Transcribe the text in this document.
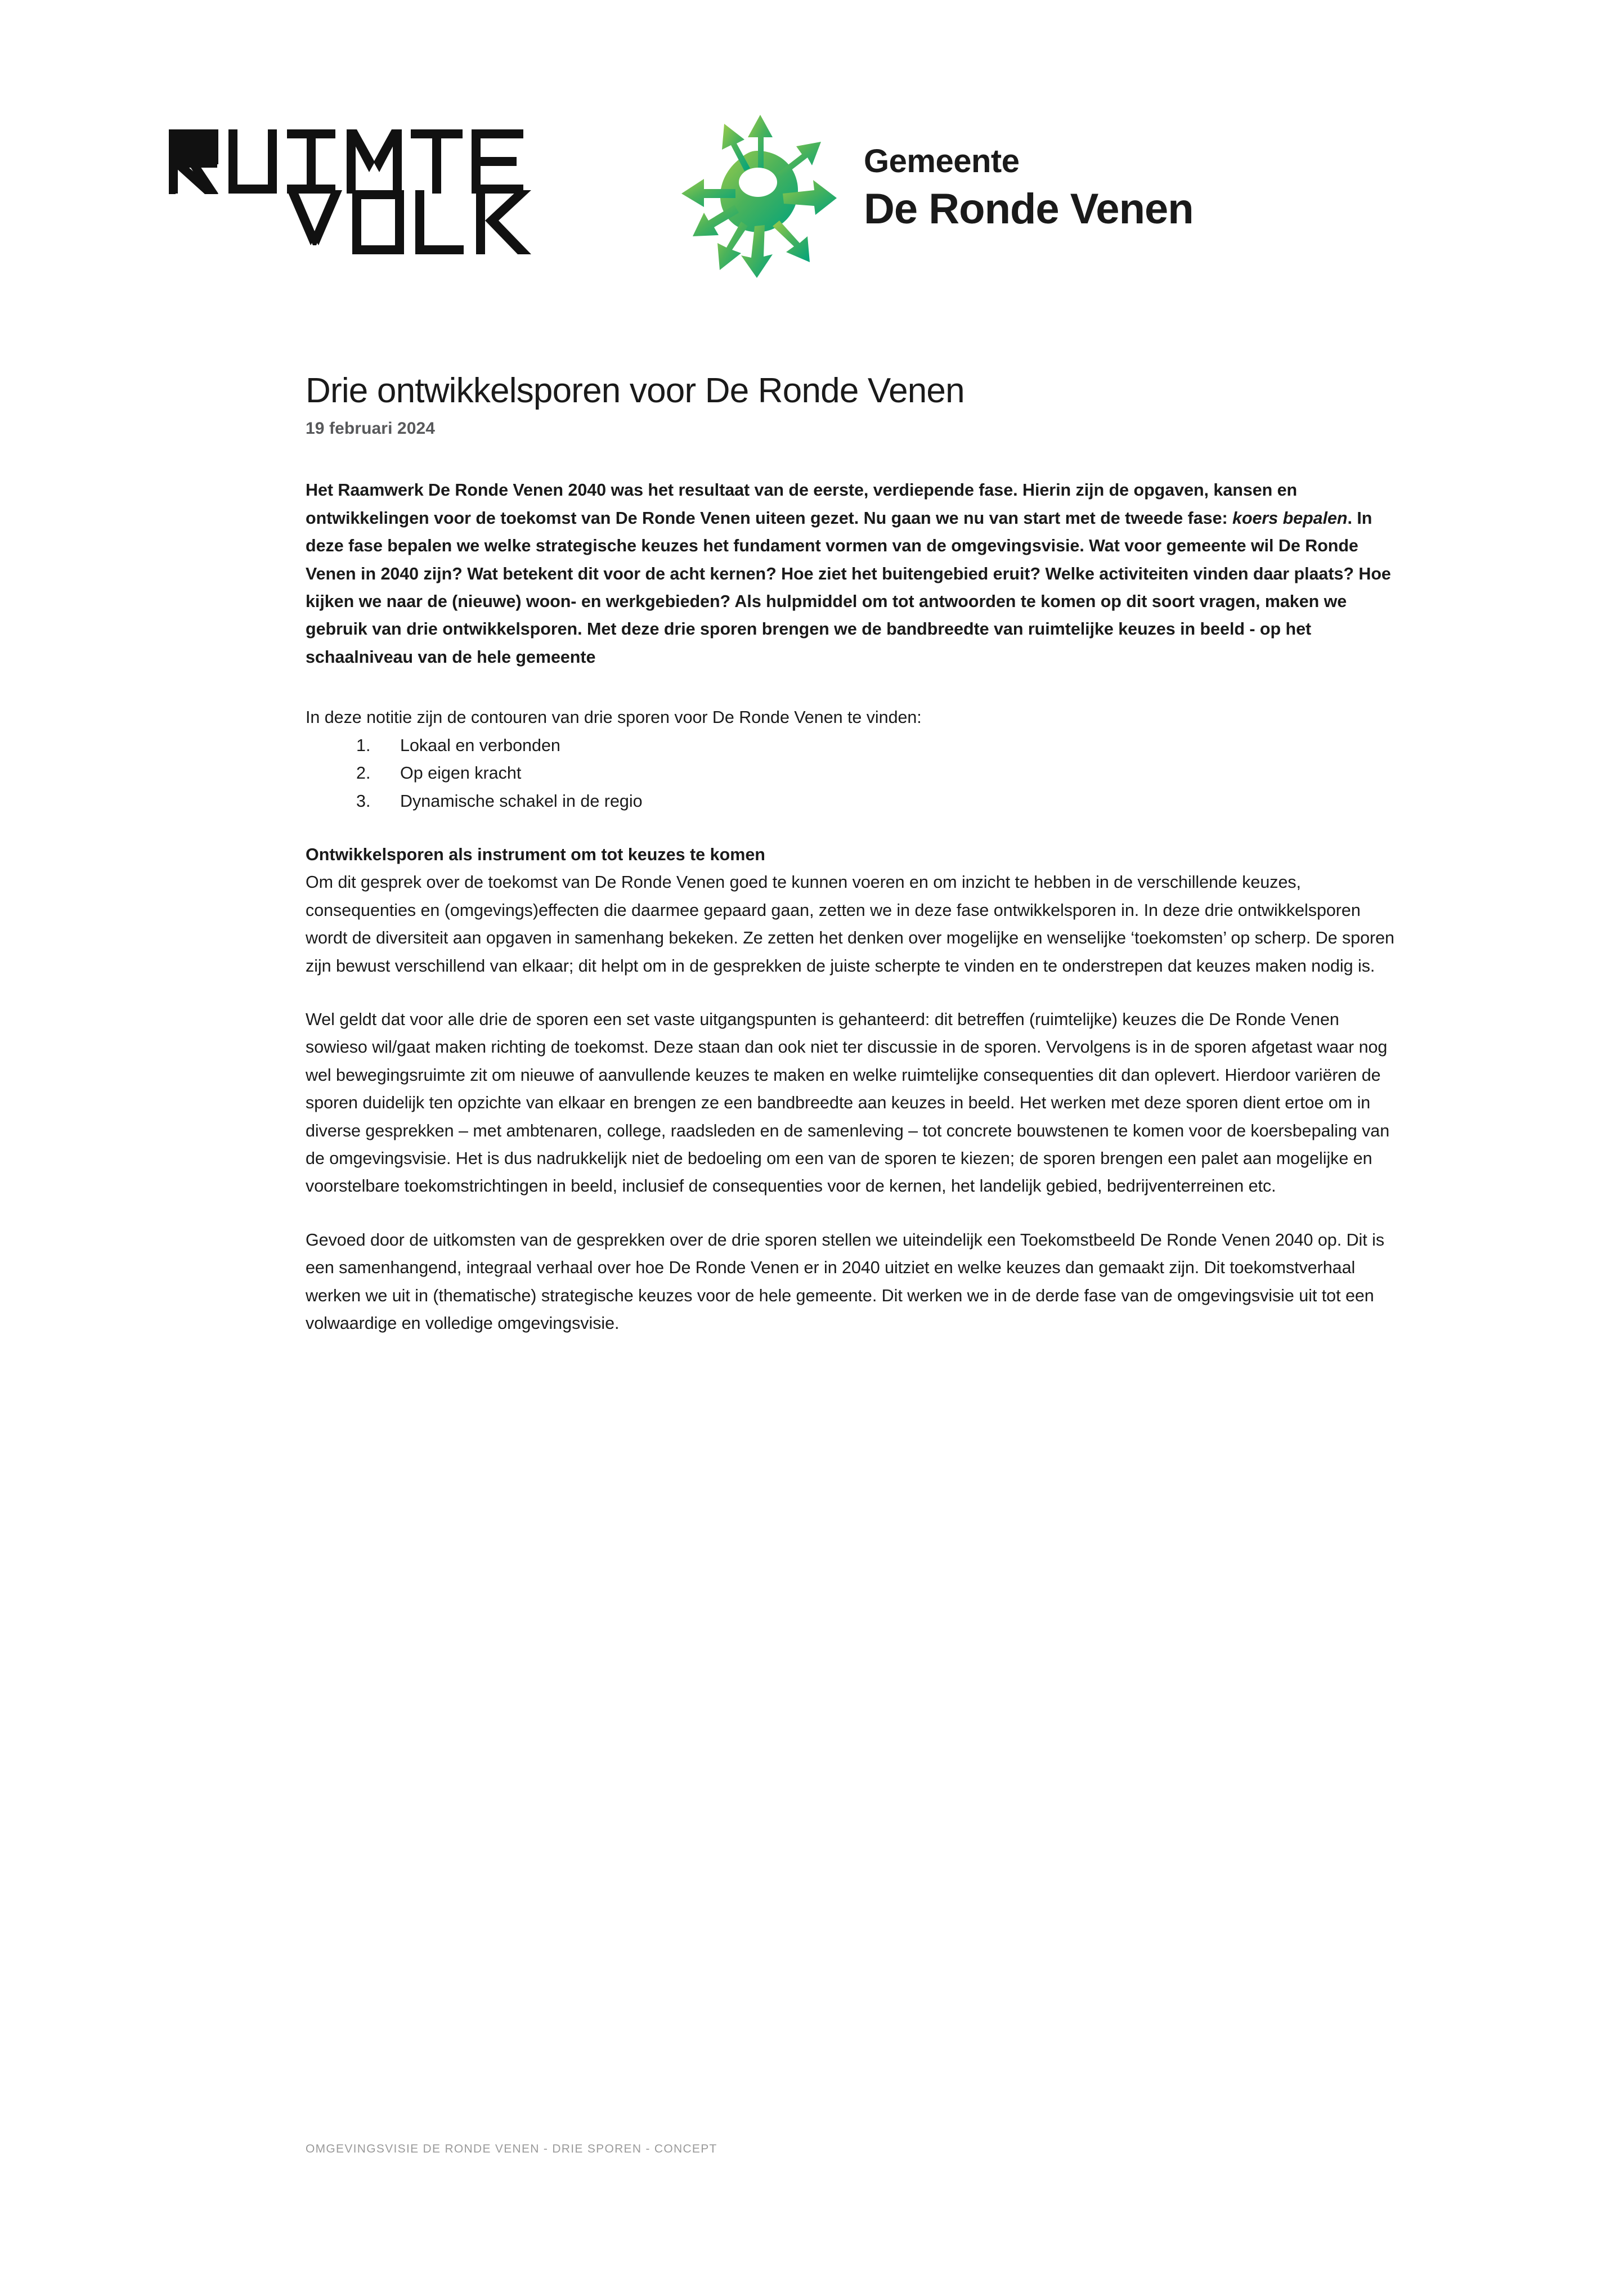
Gemeente
De Ronde Venen
Drie ontwikkelsporen voor De Ronde Venen
19 februari 2024

Het Raamwerk De Ronde Venen 2040 was het resultaat van de eerste, verdiepende fase. Hierin zijn de opgaven, kansen en ontwikkelingen voor de toekomst van De Ronde Venen uiteen gezet. Nu gaan we nu van start met de tweede fase: koers bepalen. In deze fase bepalen we welke strategische keuzes het fundament vormen van de omgevingsvisie. Wat voor gemeente wil De Ronde Venen in 2040 zijn? Wat betekent dit voor de acht kernen? Hoe ziet het buitengebied eruit? Welke activiteiten vinden daar plaats? Hoe kijken we naar de (nieuwe) woon- en werkgebieden? Als hulpmiddel om tot antwoorden te komen op dit soort vragen, maken we gebruik van drie ontwikkelsporen. Met deze drie sporen brengen we de bandbreedte van ruimtelijke keuzes in beeld - op het schaalniveau van de hele gemeente

In deze notitie zijn de contouren van drie sporen voor De Ronde Venen te vinden:

1.	Lokaal en verbonden
2.	Op eigen kracht
3.	Dynamische schakel in de regio
Ontwikkelsporen als instrument om tot keuzes te komen

Om dit gesprek over de toekomst van De Ronde Venen goed te kunnen voeren en om inzicht te hebben in de verschillende keuzes, consequenties en (omgevings)effecten die daarmee gepaard gaan, zetten we in deze fase ontwikkelsporen in. In deze drie ontwikkelsporen wordt de diversiteit aan opgaven in samenhang bekeken. Ze zetten het denken over mogelijke en wenselijke ‘toekomsten’ op scherp. De sporen zijn bewust verschillend van elkaar; dit helpt om in de gesprekken de juiste scherpte te vinden en te onderstrepen dat keuzes maken nodig is.

Wel geldt dat voor alle drie de sporen een set vaste uitgangspunten is gehanteerd: dit betreffen (ruimtelijke) keuzes die De Ronde Venen sowieso wil/gaat maken richting de toekomst. Deze staan dan ook niet ter discussie in de sporen. Vervolgens is in de sporen afgetast waar nog wel bewegingsruimte zit om nieuwe of aanvullende keuzes te maken en welke ruimtelijke consequenties dit dan oplevert. Hierdoor variëren de sporen duidelijk ten opzichte van elkaar en brengen ze een bandbreedte aan keuzes in beeld. Het werken met deze sporen dient ertoe om in diverse gesprekken – met ambtenaren, college, raadsleden en de samenleving – tot concrete bouwstenen te komen voor de koersbepaling van de omgevingsvisie. Het is dus nadrukkelijk niet de bedoeling om een van de sporen te kiezen; de sporen brengen een palet aan mogelijke en voorstelbare toekomstrichtingen in beeld, inclusief de consequenties voor de kernen, het landelijk gebied, bedrijventerreinen etc.

Gevoed door de uitkomsten van de gesprekken over de drie sporen stellen we uiteindelijk een Toekomstbeeld De Ronde Venen 2040 op. Dit is een samenhangend, integraal verhaal over hoe De Ronde Venen er in 2040 uitziet en welke keuzes dan gemaakt zijn. Dit toekomstverhaal werken we uit in (thematische) strategische keuzes voor de hele gemeente. Dit werken we in de derde fase van de omgevingsvisie uit tot een volwaardige en volledige omgevingsvisie.

OMGEVINGSVISIE DE RONDE VENEN - DRIE SPOREN - CONCEPT
